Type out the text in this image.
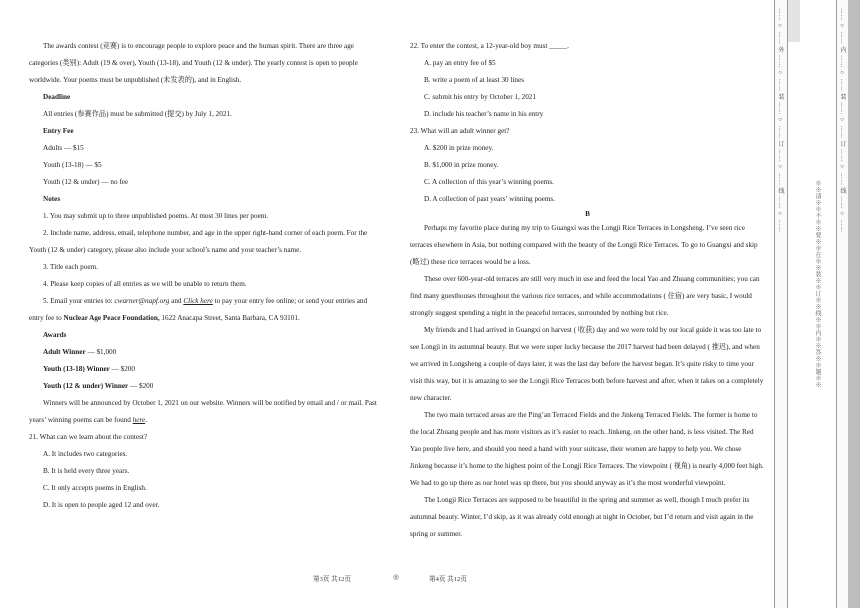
The awards contest (竞赛) is to encourage people to explore peace and the human spirit. There are three age categories (类别): Adult (19 & over), Youth (13-18), and Youth (12 & under). The yearly contest is open to people worldwide. Your poems must be unpublished (未发表的), and in English.

Deadline

All entries (参赛作品) must be submitted (提交) by July 1, 2021.

Entry Fee

Adults — $15

Youth (13-18) — $5

Youth (12 & under) — no fee

Notes

1. You may submit up to three unpublished poems. At most 30 lines per poem.

2. Include name, address, email, telephone number, and age in the upper right-hand corner of each poem. For the Youth (12 & under) category, please also include your school’s name and your teacher’s name.

3. Title each poem.

4. Please keep copies of all entries as we will be unable to return them.

5. Email your entries to: cwarner@napf.org and Click here to pay your entry fee online; or send your entries and entry fee to Nuclear Age Peace Foundation, 1622 Anacapa Street, Santa Barbara, CA 93101.

Awards

Adult Winner — $1,000

Youth (13-18) Winner — $200

Youth (12 & under) Winner — $200

Winners will be announced by October 1, 2021 on our website. Winners will be notified by email and / or mail. Past years’ winning poems can be found here.

21. What can we learn about the contest?

A. It includes two categories.

B. It is held every three years.

C. It only accepts poems in English.

D. It is open to people aged 12 and over.

22. To enter the contest, a 12-year-old boy must _____.

A. pay an entry fee of $5

B. write a poem of at least 30 lines

C. submit his entry by October 1, 2021

D. include his teacher’s name in his entry

23. What will an adult winner get?

A. $200 in prize money.

B. $1,000 in prize money.

C. A collection of this year’s winning poems.

D. A collection of past years’ winning poems.

B

Perhaps my favorite place during my trip to Guangxi was the Longji Rice Terraces in Longsheng. I’ve seen rice terraces elsewhere in Asia, but nothing compared with the beauty of the Longji Rice Terraces. To go to Guangxi and skip (略过) these rice terraces would be a loss.

These over 600-year-old terraces are still very much in use and feed the local Yao and Zhuang communities; you can find many guesthouses throughout the various rice terraces, and while accommodations ( 住宿) are very basic, I would strongly suggest spending a night in the peaceful terraces, surrounded by nothing but rice.

My friends and I had arrived in Guangxi on harvest ( 收获) day and we were told by our local guide it was too late to see Longji in its autumnal beauty. But we were super lucky because the 2017 harvest had been delayed ( 推迟), and when we arrived in Longsheng a couple of days later, it was the last day before the harvest began. It’s quite risky to time your visit this way, but it is amazing to see the Longji Rice Terraces both before harvest and after, when it takes on a completely new character.

The two main terraced areas are the Ping’an Terraced Fields and the Jinkeng Terraced Fields. The former is home to the local Zhuang people and has more visitors as it’s easier to reach. Jinkeng, on the other hand, is less visited. The Red Yao people live here, and should you need a hand with your suitcase, their women are happy to help you. We chose Jinkeng because it’s home to the highest point of the Longji Rice Terraces. The viewpoint ( 视角) is nearly 4,000 feet high. We had to go up there as our hotel was up there, but you should anyway as it’s the most wonderful viewpoint.

The Longji Rice Terraces are supposed to be beautiful in the spring and summer as well, though I much prefer its autumnal beauty. Winter, I’d skip, as it was already cold enough at night in October, but I’d return and visit again in the spring or summer.

第3页 共12页	◎	第4页 共12页
…… ○ …… 外 …… ○ …… 装 …… ○ …… 订 …… ○ …… 线 …… ○ ……
※※请※※不※※要※※在※※装※※订※※线※※内※※答※※题※※
…… ○ …… 内 …… ○ …… 装 …… ○ …… 订 …… ○ …… 线 …… ○ ……
